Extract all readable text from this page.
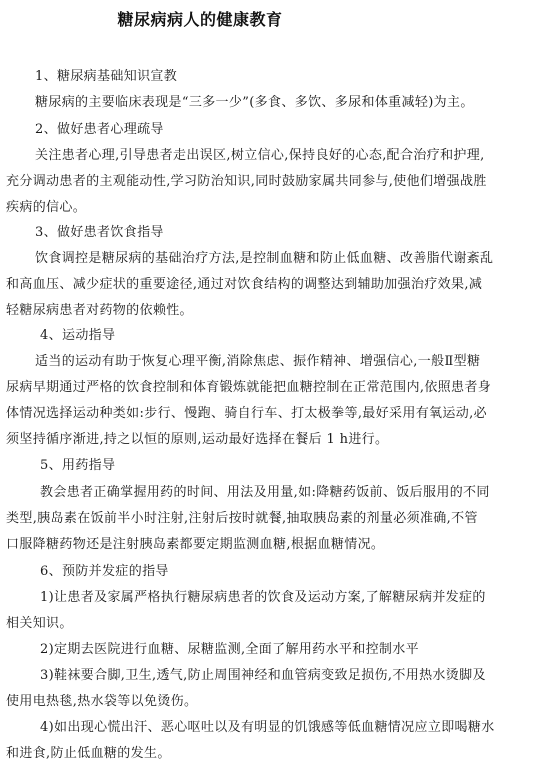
糖尿病病人的健康教育
1、糖尿病基础知识宣教
糖尿病的主要临床表现是“三多一少”(多食、多饮、多尿和体重减轻)为主。
2、做好患者心理疏导
关注患者心理,引导患者走出误区,树立信心,保持良好的心态,配合治疗和护理,
充分调动患者的主观能动性,学习防治知识,同时鼓励家属共同参与,使他们增强战胜
疾病的信心。
3、做好患者饮食指导
饮食调控是糖尿病的基础治疗方法,是控制血糖和防止低血糖、改善脂代谢紊乱
和高血压、减少症状的重要途径,通过对饮食结构的调整达到辅助加强治疗效果,减
轻糖尿病患者对药物的依赖性。
4、运动指导
适当的运动有助于恢复心理平衡,消除焦虑、振作精神、增强信心,一般Ⅱ型糖
尿病早期通过严格的饮食控制和体育锻炼就能把血糖控制在正常范围内,依照患者身
体情况选择运动种类如:步行、慢跑、骑自行车、打太极拳等,最好采用有氧运动,必
须坚持循序渐进,持之以恒的原则,运动最好选择在餐后 1 h进行。
5、用药指导
教会患者正确掌握用药的时间、用法及用量,如:降糖药饭前、饭后服用的不同
类型,胰岛素在饭前半小时注射,注射后按时就餐,抽取胰岛素的剂量必须准确,不管
口服降糖药物还是注射胰岛素都要定期监测血糖,根据血糖情况。
6、预防并发症的指导
1)让患者及家属严格执行糖尿病患者的饮食及运动方案,了解糖尿病并发症的
相关知识。
2)定期去医院进行血糖、尿糖监测,全面了解用药水平和控制水平
3)鞋袜要合脚,卫生,透气,防止周围神经和血管病变致足损伤,不用热水烫脚及
使用电热毯,热水袋等以免烫伤。
4)如出现心慌出汗、恶心呕吐以及有明显的饥饿感等低血糖情况应立即喝糖水
和进食,防止低血糖的发生。
